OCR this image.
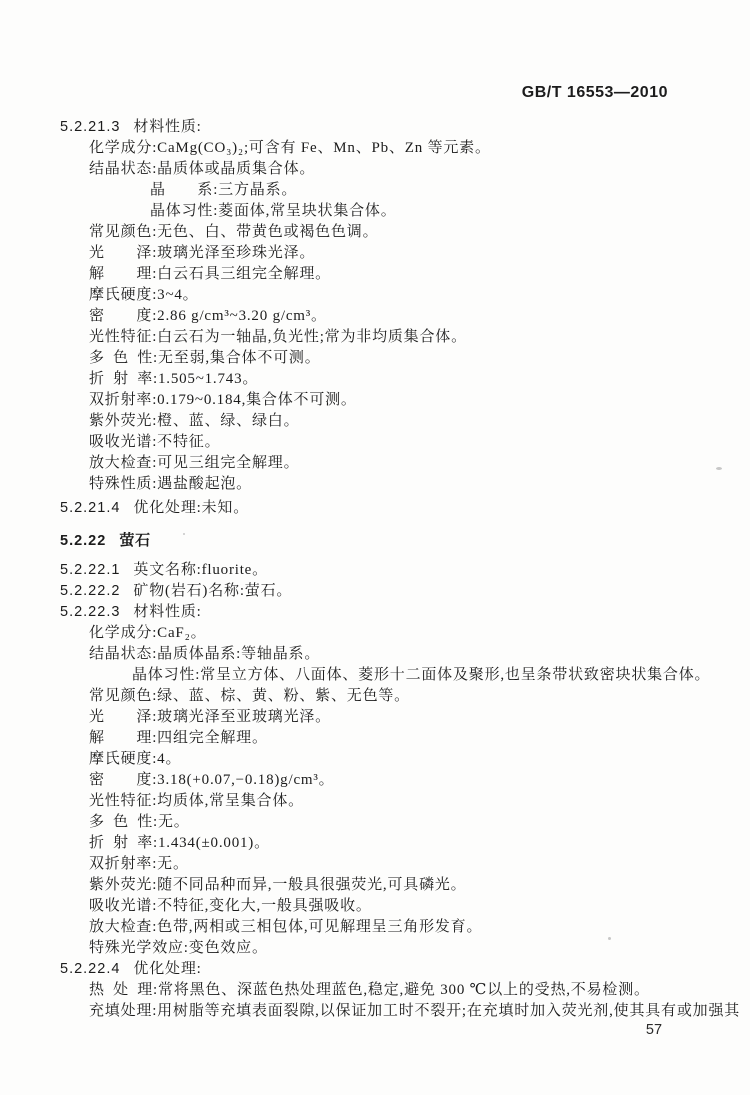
GB/T 16553—2010
5.2.21.3 材料性质:
化学成分:CaMg(CO₃)₂;可含有 Fe、Mn、Pb、Zn 等元素。
结晶状态:晶质体或晶质集合体。
晶　　系:三方晶系。
晶体习性:菱面体,常呈块状集合体。
常见颜色:无色、白、带黄色或褐色色调。
光　　泽:玻璃光泽至珍珠光泽。
解　　理:白云石具三组完全解理。
摩氏硬度:3~4。
密　　度:2.86 g/cm³~3.20 g/cm³。
光性特征:白云石为一轴晶,负光性;常为非均质集合体。
多 色 性:无至弱,集合体不可测。
折 射 率:1.505~1.743。
双折射率:0.179~0.184,集合体不可测。
紫外荧光:橙、蓝、绿、绿白。
吸收光谱:不特征。
放大检查:可见三组完全解理。
特殊性质:遇盐酸起泡。
5.2.21.4 优化处理:未知。
5.2.22 萤石
5.2.22.1 英文名称:fluorite。
5.2.22.2 矿物(岩石)名称:萤石。
5.2.22.3 材料性质:
化学成分:CaF₂。
结晶状态:晶质体晶系:等轴晶系。
晶体习性:常呈立方体、八面体、菱形十二面体及聚形,也呈条带状致密块状集合体。
常见颜色:绿、蓝、棕、黄、粉、紫、无色等。
光　　泽:玻璃光泽至亚玻璃光泽。
解　　理:四组完全解理。
摩氏硬度:4。
密　　度:3.18(+0.07,−0.18)g/cm³。
光性特征:均质体,常呈集合体。
多 色 性:无。
折 射 率:1.434(±0.001)。
双折射率:无。
紫外荧光:随不同品种而异,一般具很强荧光,可具磷光。
吸收光谱:不特征,变化大,一般具强吸收。
放大检查:色带,两相或三相包体,可见解理呈三角形发育。
特殊光学效应:变色效应。
5.2.22.4 优化处理:
热 处 理:常将黑色、深蓝色热处理蓝色,稳定,避免 300 ℃以上的受热,不易检测。
充填处理:用树脂等充填表面裂隙,以保证加工时不裂开;在充填时加入荧光剂,使其具有或加强其
57
